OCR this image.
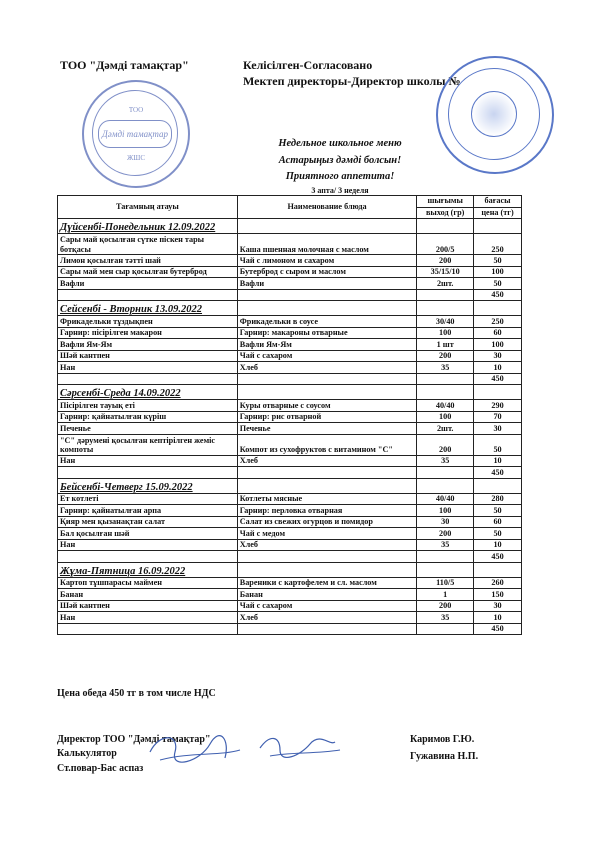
ТОО "Дәмді тамақтар"	Келісілген-Согласовано
Мектеп директоры-Директор школы №
ТОО
Дәмді тамақтар
ЖШС
Недельное школьное меню
Астарыңыз дәмді болсын!
Приятного аппетита!
3 апта/ 3 неделя
Тағамның атауы	Наименование блюда	шығымы	бағасы
		выход (гр)	цена (тг)
Дүйсенбі-Понедельник 12.09.2022			
Сары май қосылған сүтке піскен тары ботқасы	Каша пшенная молочная с маслом	200/5	250
Лимон қосылған тәтті шай	Чай с лимоном и сахаром	200	50
Сары май мен сыр қосылған бутерброд	Бутерброд с сыром и маслом	35/15/10	100
Вафли	Вафли	2шт.	50
			450
Сейсенбі - Вторник 13.09.2022			
Фрикадельки тұздықпен	Фрикадельки в соусе	30/40	250
Гарнир: пісірілген макарон	Гарнир: макароны отварные	100	60
Вафли Ям-Ям	Вафли Ям-Ям	1 шт	100
Шәй кантпен	Чай с сахаром	200	30
Нан	Хлеб	35	10
			450
Сәрсенбі-Среда 14.09.2022			
Пісірілген тауық еті	Куры отварные с соусом	40/40	290
Гарнир: қайнатылған күріш	Гарнир: рис отварной	100	70
Печенье	Печенье	2шт.	30
"С" дәрумені қосылған кептірілген жеміс компоты	Компот из сухофруктов с витамином "С"	200	50
Нан	Хлеб	35	10
			450
Бейсенбі-Четверг 15.09.2022			
Ет котлеті	Котлеты мясные	40/40	280
Гарнир: қайнатылған арпа	Гарнир: перловка отварная	100	50
Қияр мен қызанақтан салат	Салат из свежих огурцов и помидор	30	60
Бал қосылған шәй	Чай с медом	200	50
Нан	Хлеб	35	10
			450
Жұма-Пятница 16.09.2022			
Картоп тұшпарасы маймен	Вареники с картофелем и сл. маслом	110/5	260
Банан	Банан	1	150
Шәй кантпен	Чай с сахаром	200	30
Нан	Хлеб	35	10
			450
Цена обеда 450 тг в том числе НДС
Директор ТОО "Дәмді тамақтар"
Калькулятор
Ст.повар-Бас аспаз
Каримов Г.Ю.
Гужавина Н.П.
